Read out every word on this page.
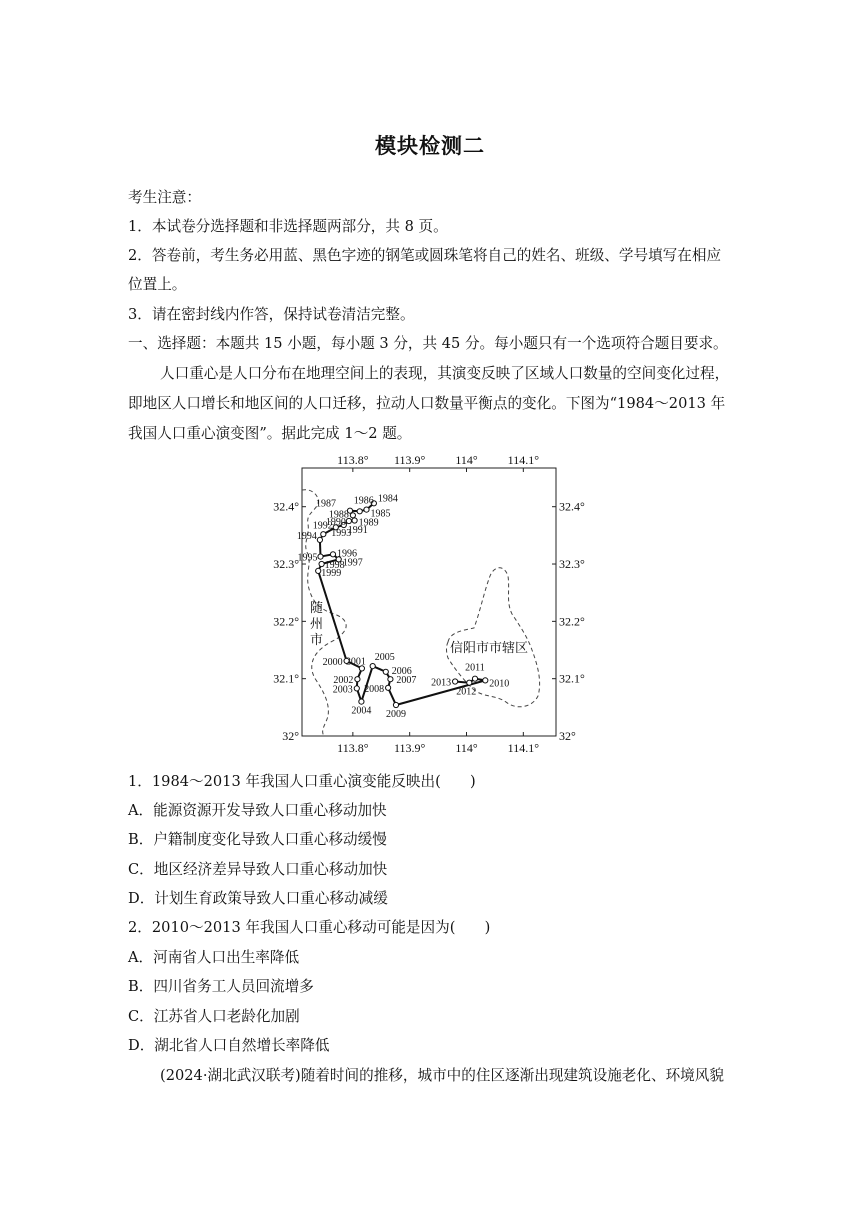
模块检测二
考生注意：
1．本试卷分选择题和非选择题两部分，共 8 页。
2．答卷前，考生务必用蓝、黑色字迹的钢笔或圆珠笔将自己的姓名、班级、学号填写在相应
位置上。
3．请在密封线内作答，保持试卷清洁完整。
一、选择题：本题共 15 小题，每小题 3 分，共 45 分。每小题只有一个选项符合题目要求。
人口重心是人口分布在地理空间上的表现，其演变反映了区域人口数量的空间变化过程，
即地区人口增长和地区间的人口迁移，拉动人口数量平衡点的变化。下图为“1984～2013 年
我国人口重心演变图”。据此完成 1～2 题。
113.8°
113.8°
113.9°
113.9°
114°
114°
114.1°
114.1°
32.4°	32.4°
32.3°	32.3°
32.2°	32.2°
32.1°	32.1°
32°	32°
1984
1985
1986
1987
1988
1989
1990
1991
1992
1993
1994
1995 1996
1997
1998
1999
2000 2001
2002
2003
2004
2005
2006
2007
2008
2009
2010
2011
2012
2013
随
州
市
信阳市市辖区
1．1984～2013 年我国人口重心演变能反映出(　　)
A．能源资源开发导致人口重心移动加快
B．户籍制度变化导致人口重心移动缓慢
C．地区经济差异导致人口重心移动加快
D．计划生育政策导致人口重心移动减缓
2．2010～2013 年我国人口重心移动可能是因为(　　)
A．河南省人口出生率降低
B．四川省务工人员回流增多
C．江苏省人口老龄化加剧
D．湖北省人口自然增长率降低
(2024·湖北武汉联考)随着时间的推移，城市中的住区逐渐出现建筑设施老化、环境风貌
